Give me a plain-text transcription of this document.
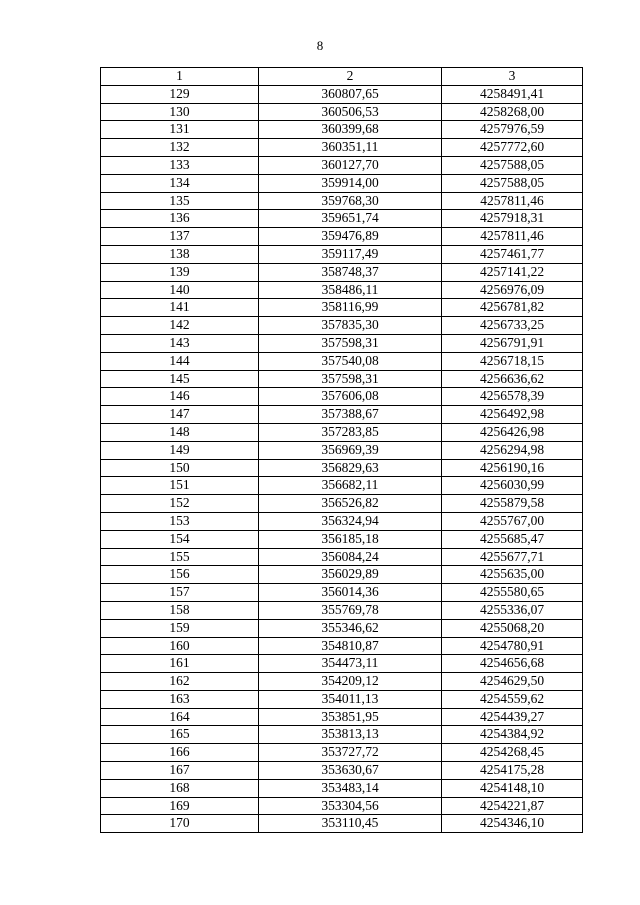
8
1	2	3
129	360807,65	4258491,41
130	360506,53	4258268,00
131	360399,68	4257976,59
132	360351,11	4257772,60
133	360127,70	4257588,05
134	359914,00	4257588,05
135	359768,30	4257811,46
136	359651,74	4257918,31
137	359476,89	4257811,46
138	359117,49	4257461,77
139	358748,37	4257141,22
140	358486,11	4256976,09
141	358116,99	4256781,82
142	357835,30	4256733,25
143	357598,31	4256791,91
144	357540,08	4256718,15
145	357598,31	4256636,62
146	357606,08	4256578,39
147	357388,67	4256492,98
148	357283,85	4256426,98
149	356969,39	4256294,98
150	356829,63	4256190,16
151	356682,11	4256030,99
152	356526,82	4255879,58
153	356324,94	4255767,00
154	356185,18	4255685,47
155	356084,24	4255677,71
156	356029,89	4255635,00
157	356014,36	4255580,65
158	355769,78	4255336,07
159	355346,62	4255068,20
160	354810,87	4254780,91
161	354473,11	4254656,68
162	354209,12	4254629,50
163	354011,13	4254559,62
164	353851,95	4254439,27
165	353813,13	4254384,92
166	353727,72	4254268,45
167	353630,67	4254175,28
168	353483,14	4254148,10
169	353304,56	4254221,87
170	353110,45	4254346,10
